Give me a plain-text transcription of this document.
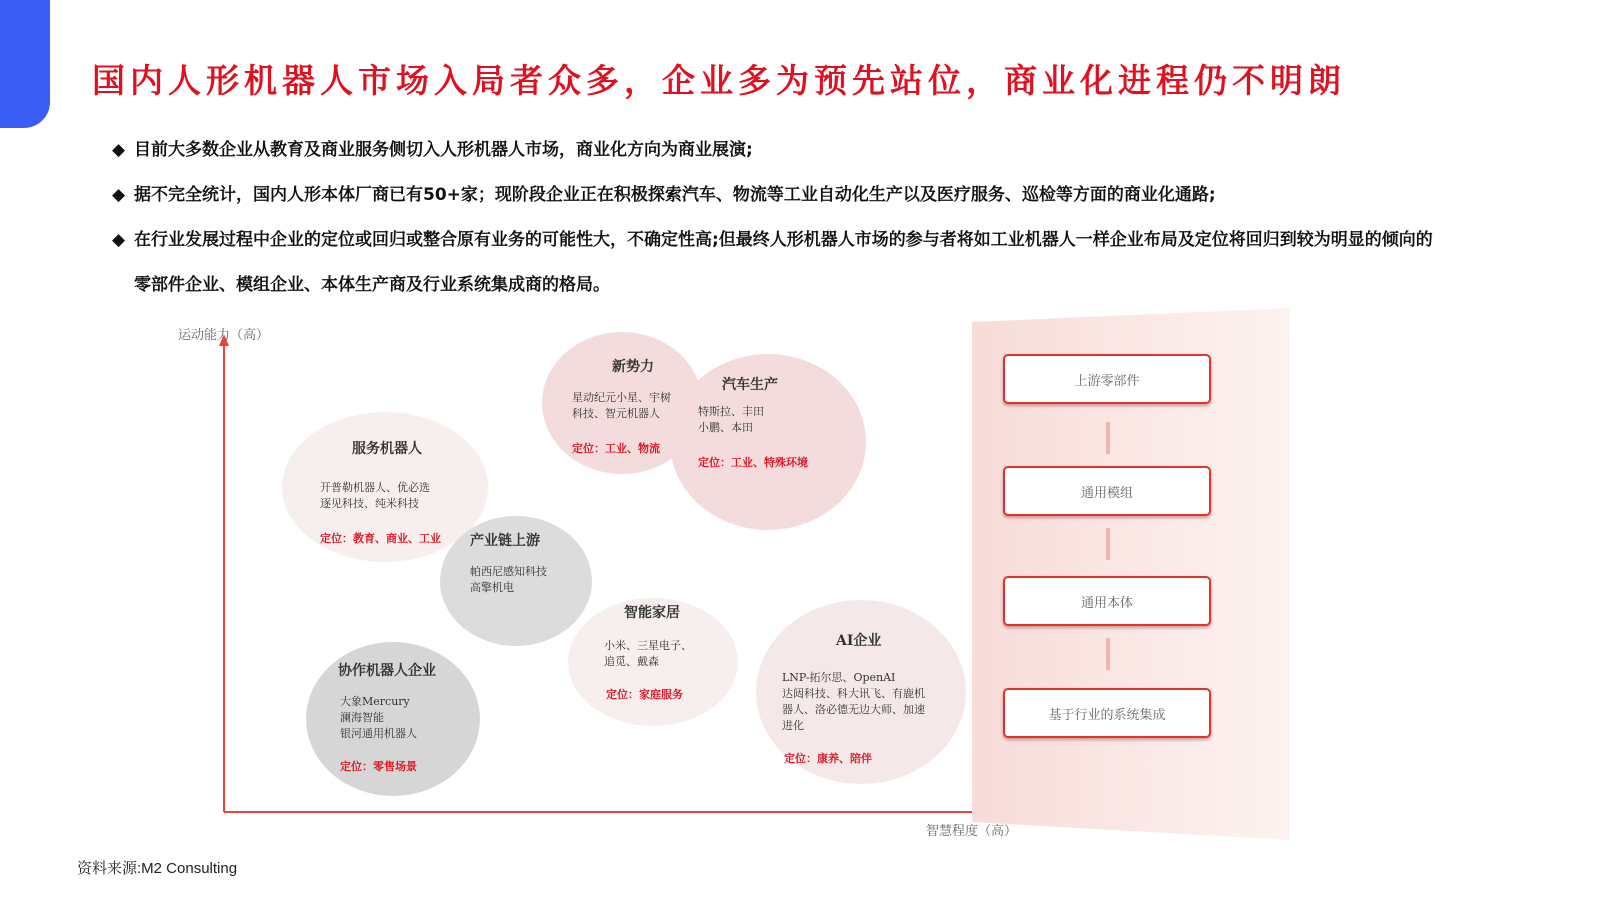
国内人形机器人市场入局者众多，企业多为预先站位，商业化进程仍不明朗
◆ 目前大多数企业从教育及商业服务侧切入人形机器人市场，商业化方向为商业展演;
◆ 据不完全统计，国内人形本体厂商已有50+家；现阶段企业正在积极探索汽车、物流等工业自动化生产以及医疗服务、巡检等方面的商业化通路;
◆ 在行业发展过程中企业的定位或回归或整合原有业务的可能性大，不确定性高;但最终人形机器人市场的参与者将如工业机器人一样企业布局及定位将回归到较为明显的倾向的零部件企业、模组企业、本体生产商及行业系统集成商的格局。
运动能力（高）
智慧程度（高）
服务机器人
开普勒机器人、优必选
逐见科技、纯米科技
定位：教育、商业、工业 产业链上游
帕西尼感知科技
高擎机电
新势力
星动纪元小星、宇树
科技、智元机器人
定位：工业、物流
汽车生产
特斯拉、丰田
小鹏、本田
定位：工业、特殊环境
智能家居
小米、三星电子、
追觅、戴森
定位：家庭服务
AI企业
LNP-拓尔思、OpenAI
达闼科技、科大讯飞、有鹿机
器人、洛必德无边大师、加速
进化
定位：康养、陪伴
协作机器人企业
大象Mercury
澜海智能
银河通用机器人
定位：零售场景
上游零部件
通用模组
通用本体
基于行业的系统集成
资料来源:M2 Consulting
